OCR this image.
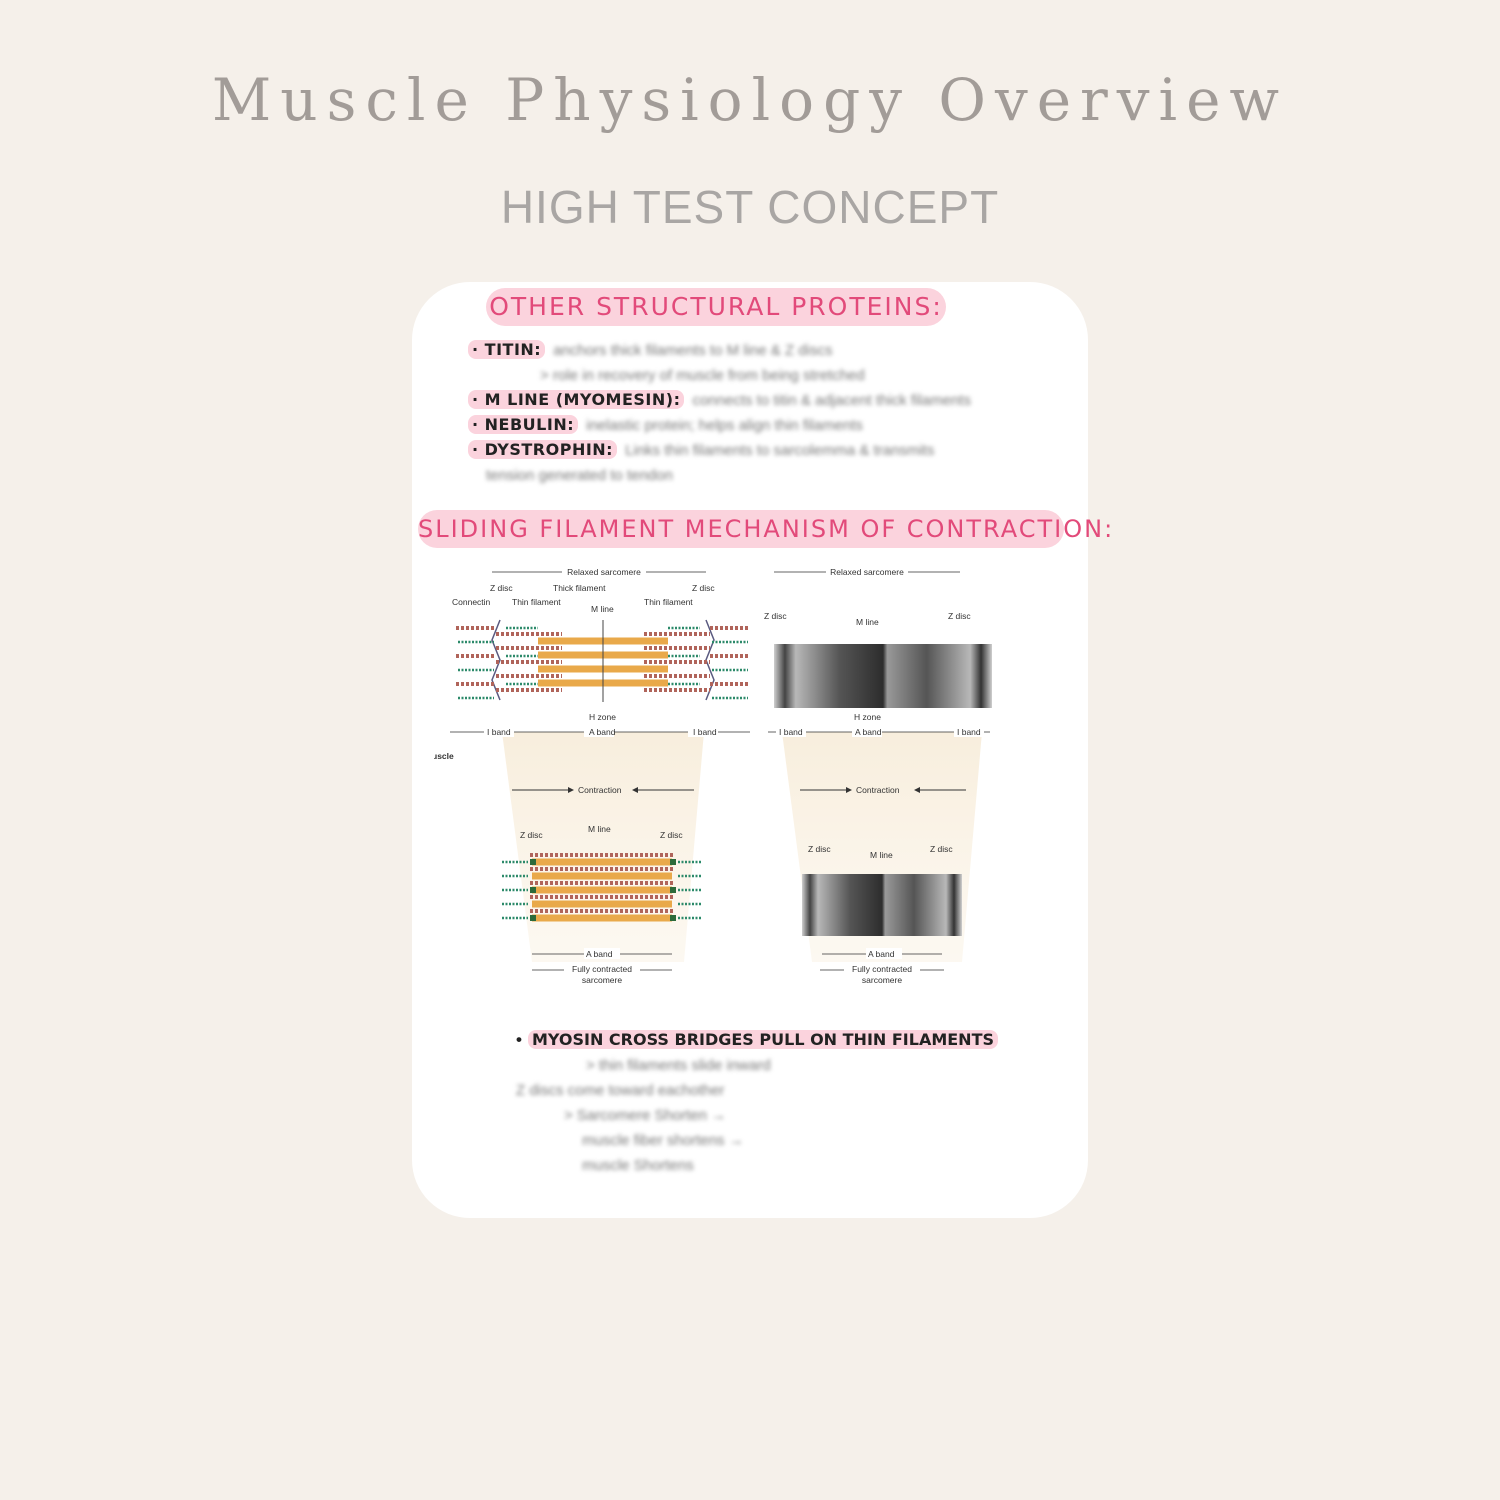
Muscle Physiology Overview
HIGH TEST CONCEPT
OTHER STRUCTURAL PROTEINS:
· TITIN: anchors thick filaments to M line & Z discs
> role in recovery of muscle from being stretched
· M LINE (MYOMESIN): connects to titin & adjacent thick filaments
· NEBULIN: inelastic protein; helps align thin filaments
· DYSTROPHIN: Links thin filaments to sarcolemma & transmits
tension generated to tendon
SLIDING FILAMENT MECHANISM OF CONTRACTION:
Relaxed sarcomere
Z disc	Thick filament	Z disc
Connectin	Thin filament
M line
Thin filament
H zone
I band	A band	I band
uscle
Relaxed sarcomere
Z disc
M line
Z disc
H zone
I band	A band	I band
Contraction	Contraction
Z disc
M line
Z disc
A band
Fully contracted
sarcomere
Z disc
M line
Z disc
A band
Fully contracted
sarcomere
• MYOSIN CROSS BRIDGES PULL ON THIN FILAMENTS
> thin filaments slide inward
Z discs come toward eachother
> Sarcomere Shorten →
muscle fiber shortens →
muscle Shortens
